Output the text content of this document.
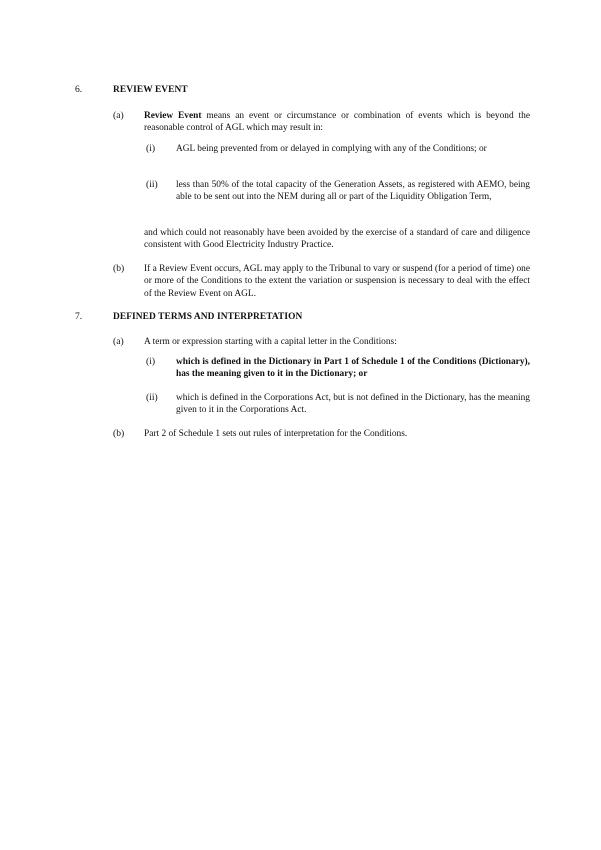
6.	REVIEW EVENT
(a) Review Event means an event or circumstance or combination of events which is beyond the reasonable control of AGL which may result in:
(i) AGL being prevented from or delayed in complying with any of the Conditions; or
(ii) less than 50% of the total capacity of the Generation Assets, as registered with AEMO, being able to be sent out into the NEM during all or part of the Liquidity Obligation Term,
and which could not reasonably have been avoided by the exercise of a standard of care and diligence consistent with Good Electricity Industry Practice.
(b) If a Review Event occurs, AGL may apply to the Tribunal to vary or suspend (for a period of time) one or more of the Conditions to the extent the variation or suspension is necessary to deal with the effect of the Review Event on AGL.
7.	DEFINED TERMS AND INTERPRETATION
(a) A term or expression starting with a capital letter in the Conditions:
(i) which is defined in the Dictionary in Part 1 of Schedule 1 of the Conditions (Dictionary), has the meaning given to it in the Dictionary; or
(ii) which is defined in the Corporations Act, but is not defined in the Dictionary, has the meaning given to it in the Corporations Act.
(b) Part 2 of Schedule 1 sets out rules of interpretation for the Conditions.
